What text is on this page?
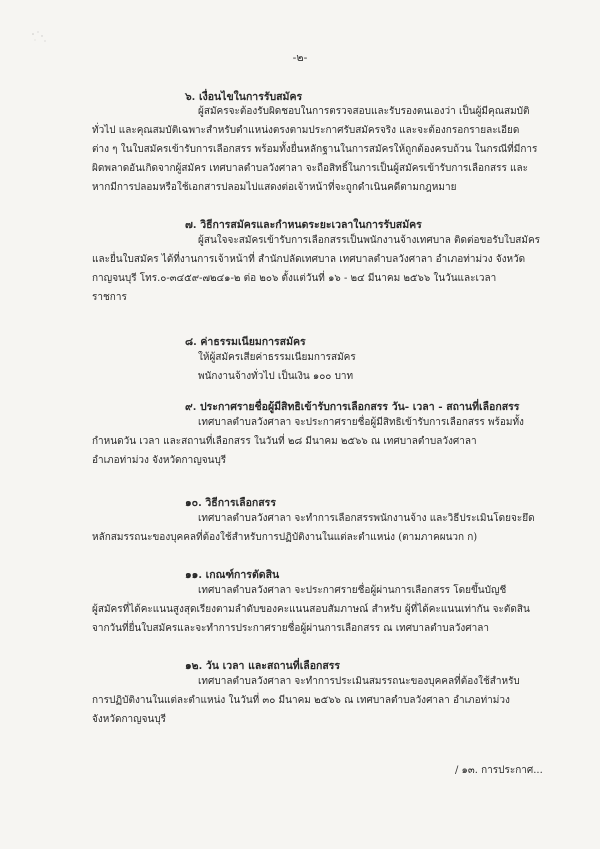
-๒-
๖. เงื่อนไขในการรับสมัคร
ผู้สมัครจะต้องรับผิดชอบในการตรวจสอบและรับรองตนเองว่า เป็นผู้มีคุณสมบัติ
ทั่วไป และคุณสมบัติเฉพาะสำหรับตำแหน่งตรงตามประกาศรับสมัครจริง และจะต้องกรอกรายละเอียด
ต่าง ๆ ในใบสมัครเข้ารับการเลือกสรร พร้อมทั้งยื่นหลักฐานในการสมัครให้ถูกต้องครบถ้วน ในกรณีที่มีการ
ผิดพลาดอันเกิดจากผู้สมัคร เทศบาลตำบลวังศาลา จะถือสิทธิ์ในการเป็นผู้สมัครเข้ารับการเลือกสรร และ
หากมีการปลอมหรือใช้เอกสารปลอมไปแสดงต่อเจ้าหน้าที่จะถูกดำเนินคดีตามกฎหมาย
๗. วิธีการสมัครและกำหนดระยะเวลาในการรับสมัคร
ผู้สนใจจะสมัครเข้ารับการเลือกสรรเป็นพนักงานจ้างเทศบาล ติดต่อขอรับใบสมัคร
และยื่นใบสมัคร ได้ที่งานการเจ้าหน้าที่ สำนักปลัดเทศบาล เทศบาลตำบลวังศาลา อำเภอท่าม่วง จังหวัด
กาญจนบุรี โทร.๐-๓๔๕๙-๗๒๔๑-๒ ต่อ ๒๐๖ ตั้งแต่วันที่ ๑๖ - ๒๔ มีนาคม ๒๕๖๖ ในวันและเวลา
ราชการ
๘. ค่าธรรมเนียมการสมัคร
ให้ผู้สมัครเสียค่าธรรมเนียมการสมัคร
พนักงานจ้างทั่วไป เป็นเงิน ๑๐๐ บาท
๙. ประกาศรายชื่อผู้มีสิทธิเข้ารับการเลือกสรร วัน- เวลา - สถานที่เลือกสรร
เทศบาลตำบลวังศาลา จะประกาศรายชื่อผู้มีสิทธิเข้ารับการเลือกสรร พร้อมทั้ง
กำหนดวัน เวลา และสถานที่เลือกสรร ในวันที่ ๒๘ มีนาคม ๒๕๖๖ ณ เทศบาลตำบลวังศาลา
อำเภอท่าม่วง จังหวัดกาญจนบุรี
๑๐. วิธีการเลือกสรร
เทศบาลตำบลวังศาลา จะทำการเลือกสรรพนักงานจ้าง และวิธีประเมินโดยจะยึด
หลักสมรรถนะของบุคคลที่ต้องใช้สำหรับการปฏิบัติงานในแต่ละตำแหน่ง (ตามภาคผนวก ก)
๑๑. เกณฑ์การตัดสิน
เทศบาลตำบลวังศาลา จะประกาศรายชื่อผู้ผ่านการเลือกสรร โดยขึ้นบัญชี
ผู้สมัครที่ได้คะแนนสูงสุดเรียงตามลำดับของคะแนนสอบสัมภาษณ์ สำหรับ ผู้ที่ได้คะแนนเท่ากัน จะตัดสิน
จากวันที่ยื่นใบสมัครและจะทำการประกาศรายชื่อผู้ผ่านการเลือกสรร ณ เทศบาลตำบลวังศาลา
๑๒. วัน เวลา และสถานที่เลือกสรร
เทศบาลตำบลวังศาลา จะทำการประเมินสมรรถนะของบุคคลที่ต้องใช้สำหรับ
การปฏิบัติงานในแต่ละตำแหน่ง ในวันที่ ๓๐ มีนาคม ๒๕๖๖ ณ เทศบาลตำบลวังศาลา อำเภอท่าม่วง
จังหวัดกาญจนบุรี
/ ๑๓. การประกาศ...
